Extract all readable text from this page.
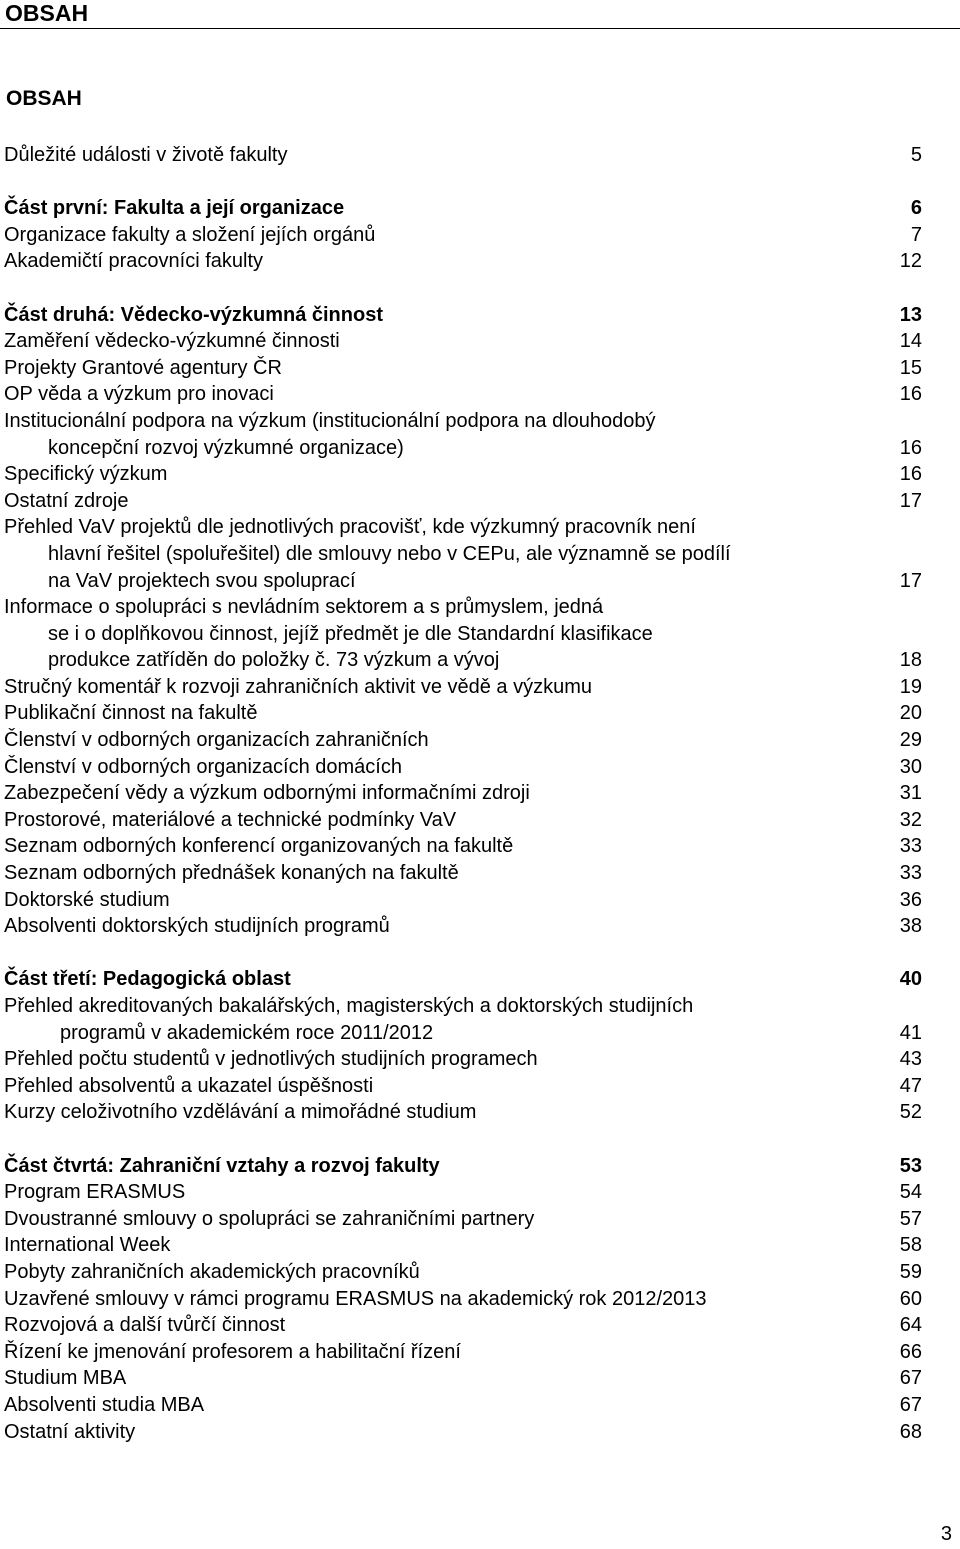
OBSAH
OBSAH
Důležité události v životě fakulty	5
Část první: Fakulta a její organizace	6
Organizace fakulty a složení jejích orgánů	7
Akademičtí pracovníci fakulty	12
Část druhá: Vědecko-výzkumná činnost	13
Zaměření vědecko-výzkumné činnosti	14
Projekty Grantové agentury ČR	15
OP věda a výzkum pro inovaci	16
Institucionální podpora na výzkum (institucionální podpora na dlouhodobý
koncepční rozvoj výzkumné organizace)	16
Specifický výzkum	16
Ostatní zdroje	17
Přehled VaV projektů dle jednotlivých pracovišť, kde výzkumný pracovník není
hlavní řešitel (spoluřešitel) dle smlouvy nebo v CEPu, ale významně se podílí
na VaV projektech svou spoluprací	17
Informace o spolupráci s nevládním sektorem a s průmyslem, jedná
se i o doplňkovou činnost, jejíž předmět je dle Standardní klasifikace
produkce zatříděn do položky č. 73 výzkum a vývoj	18
Stručný komentář k rozvoji zahraničních aktivit ve vědě a výzkumu	19
Publikační činnost na fakultě	20
Členství v odborných organizacích zahraničních	29
Členství v odborných organizacích domácích	30
Zabezpečení vědy a výzkum odbornými informačními zdroji	31
Prostorové, materiálové a technické podmínky VaV	32
Seznam odborných konferencí organizovaných na fakultě	33
Seznam odborných přednášek konaných na fakultě	33
Doktorské studium	36
Absolventi doktorských studijních programů	38
Část třetí: Pedagogická oblast	40
Přehled akreditovaných bakalářských, magisterských a doktorských studijních
programů v akademickém roce 2011/2012	41
Přehled počtu studentů v jednotlivých studijních programech	43
Přehled absolventů a ukazatel úspěšnosti	47
Kurzy celoživotního vzdělávání a mimořádné studium	52
Část čtvrtá: Zahraniční vztahy a rozvoj fakulty	53
Program ERASMUS	54
Dvoustranné smlouvy o spolupráci se zahraničními partnery	57
International Week	58
Pobyty zahraničních akademických pracovníků	59
Uzavřené smlouvy v rámci programu ERASMUS na akademický rok 2012/2013	60
Rozvojová a další tvůrčí činnost	64
Řízení ke jmenování profesorem a habilitační řízení	66
Studium MBA	67
Absolventi studia MBA	67
Ostatní aktivity	68
3
